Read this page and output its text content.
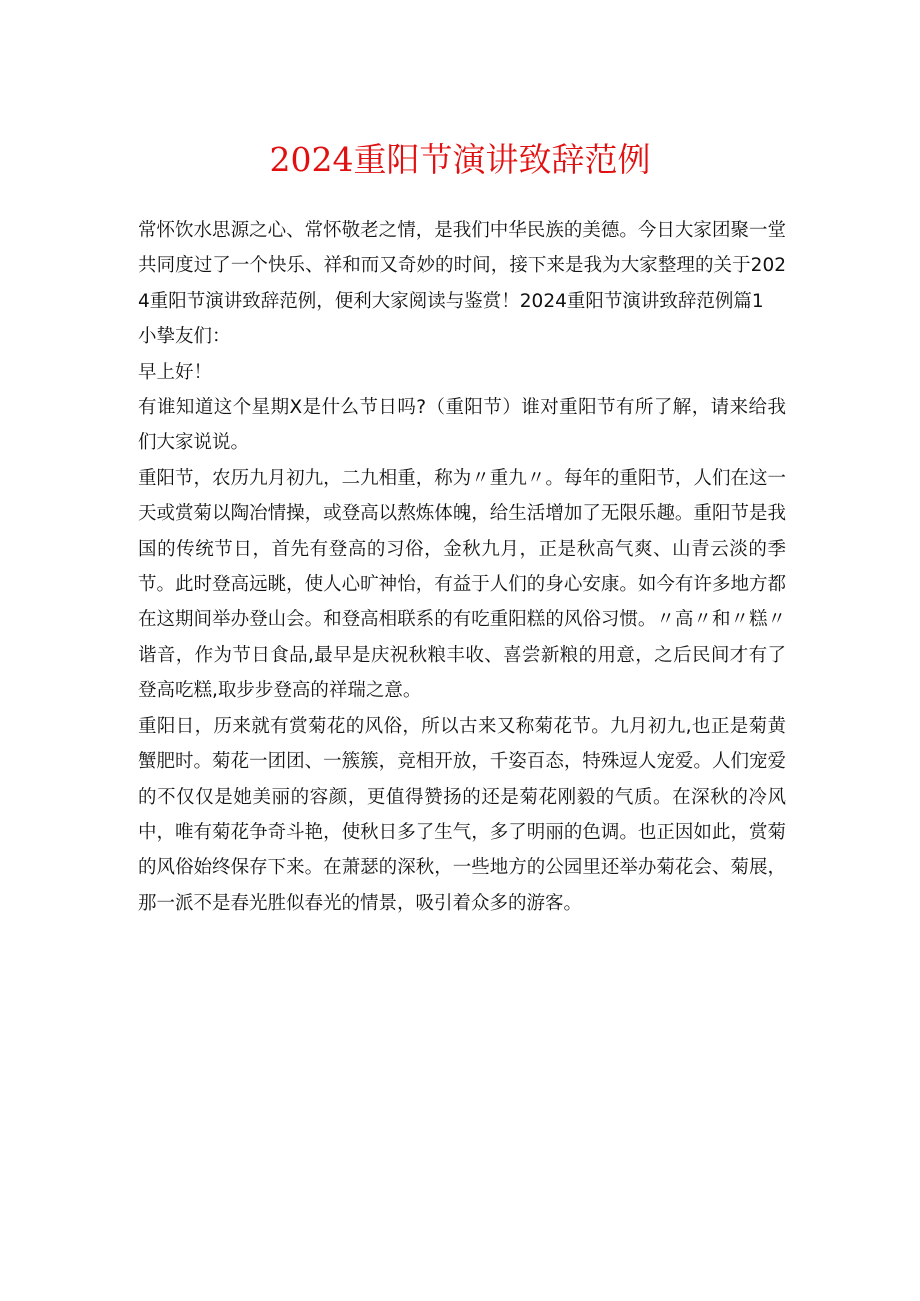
2024重阳节演讲致辞范例

常怀饮水思源之心、常怀敬老之情，是我们中华民族的美德。今日大家团聚一堂共同度过了一个快乐、祥和而又奇妙的时间，接下来是我为大家整理的关于2024重阳节演讲致辞范例，便利大家阅读与鉴赏！2024重阳节演讲致辞范例篇1

小挚友们：

早上好！

有谁知道这个星期X是什么节日吗?（重阳节）谁对重阳节有所了解，请来给我们大家说说。

重阳节，农历九月初九，二九相重，称为〃重九〃。每年的重阳节，人们在这一天或赏菊以陶冶情操，或登高以熬炼体魄，给生活增加了无限乐趣。重阳节是我国的传统节日，首先有登高的习俗，金秋九月，正是秋高气爽、山青云淡的季节。此时登高远眺，使人心旷神怡，有益于人们的身心安康。如今有许多地方都在这期间举办登山会。和登高相联系的有吃重阳糕的风俗习惯。〃高〃和〃糕〃谐音，作为节日食品,最早是庆祝秋粮丰收、喜尝新粮的用意，之后民间才有了登高吃糕,取步步登高的祥瑞之意。

重阳日，历来就有赏菊花的风俗，所以古来又称菊花节。九月初九,也正是菊黄蟹肥时。菊花一团团、一簇簇，竞相开放，千姿百态，特殊逗人宠爱。人们宠爱的不仅仅是她美丽的容颜，更值得赞扬的还是菊花刚毅的气质。在深秋的冷风中，唯有菊花争奇斗艳，使秋日多了生气，多了明丽的色调。也正因如此，赏菊的风俗始终保存下来。在萧瑟的深秋，一些地方的公园里还举办菊花会、菊展，那一派不是春光胜似春光的情景，吸引着众多的游客。
